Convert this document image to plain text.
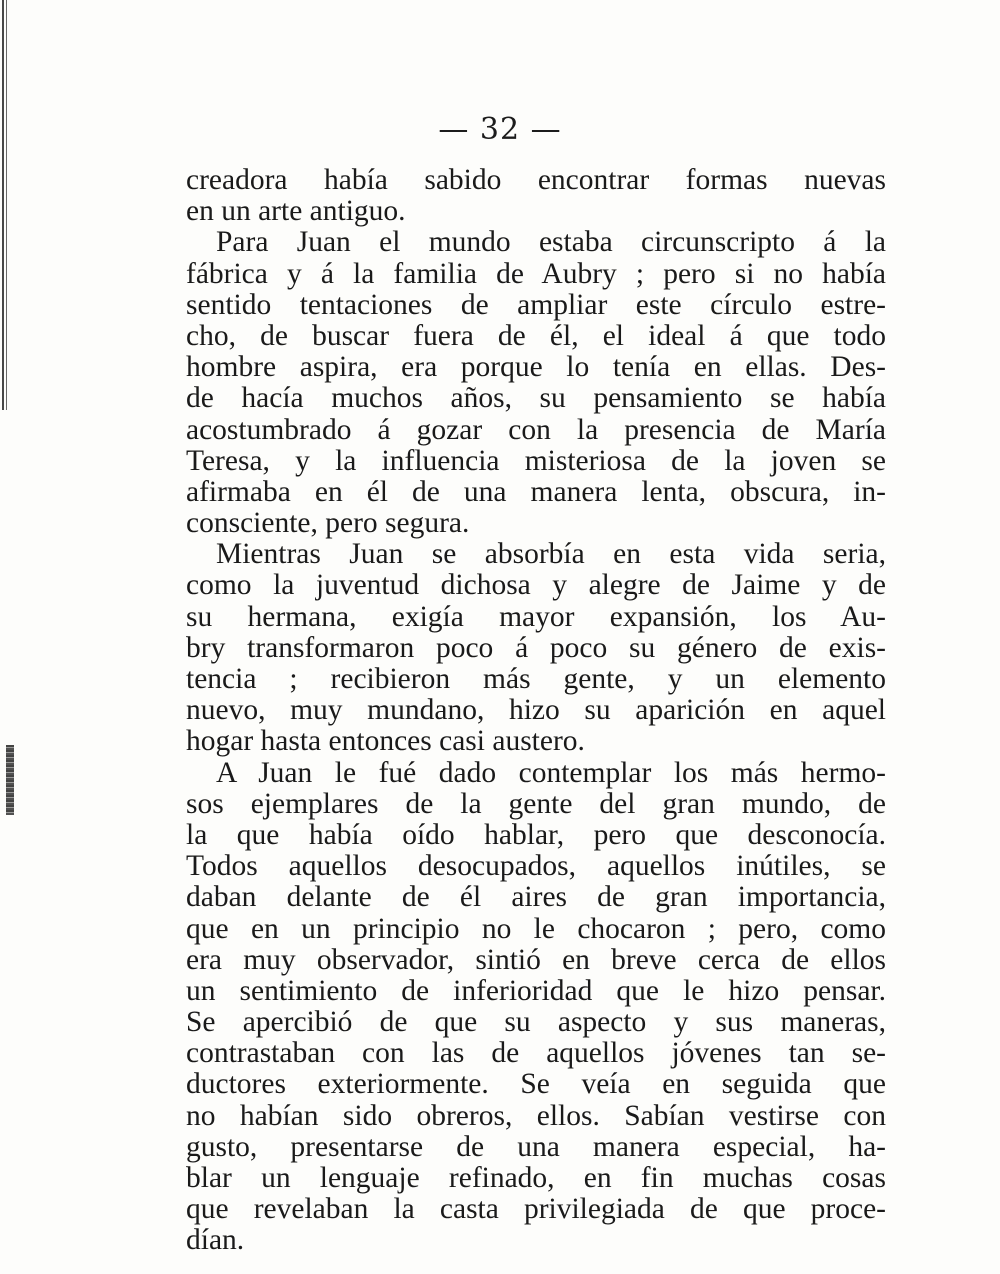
— 32 —
creadora había sabido encontrar formas nuevas
en un arte antiguo.
Para Juan el mundo estaba circunscripto á la
fábrica y á la familia de Aubry ; pero si no había
sentido tentaciones de ampliar este círculo estre-
cho, de buscar fuera de él, el ideal á que todo
hombre aspira, era porque lo tenía en ellas. Des-
de hacía muchos años, su pensamiento se había
acostumbrado á gozar con la presencia de María
Teresa, y la influencia misteriosa de la joven se
afirmaba en él de una manera lenta, obscura, in-
consciente, pero segura.
Mientras Juan se absorbía en esta vida seria,
como la juventud dichosa y alegre de Jaime y de
su hermana, exigía mayor expansión, los Au-
bry transformaron poco á poco su género de exis-
tencia ; recibieron más gente, y un elemento
nuevo, muy mundano, hizo su aparición en aquel
hogar hasta entonces casi austero.
A Juan le fué dado contemplar los más hermo-
sos ejemplares de la gente del gran mundo, de
la que había oído hablar, pero que desconocía.
Todos aquellos desocupados, aquellos inútiles, se
daban delante de él aires de gran importancia,
que en un principio no le chocaron ; pero, como
era muy observador, sintió en breve cerca de ellos
un sentimiento de inferioridad que le hizo pensar.
Se apercibió de que su aspecto y sus maneras,
contrastaban con las de aquellos jóvenes tan se-
ductores exteriormente. Se veía en seguida que
no habían sido obreros, ellos. Sabían vestirse con
gusto, presentarse de una manera especial, ha-
blar un lenguaje refinado, en fin muchas cosas
que revelaban la casta privilegiada de que proce-
dían.
